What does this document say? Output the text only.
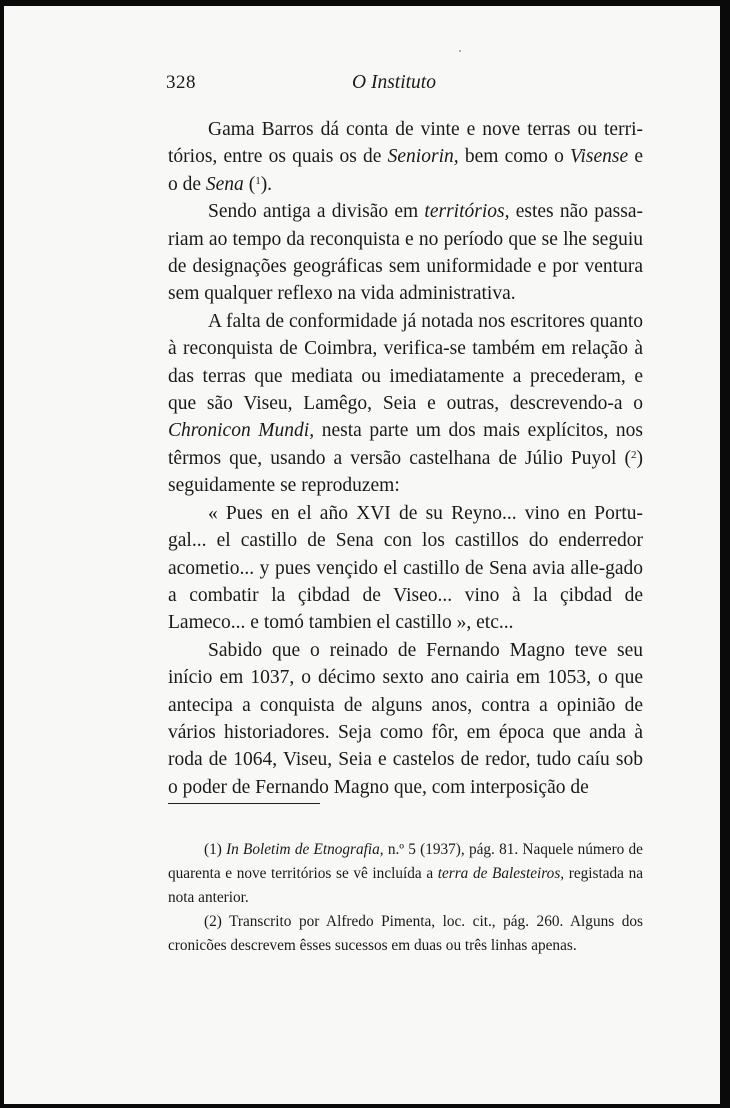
328	O Instituto

Gama Barros dá conta de vinte e nove terras ou terri-tórios, entre os quais os de Seniorin, bem como o Visense e o de Sena ($^1$).

Sendo antiga a divisão em territórios, estes não passa-riam ao tempo da reconquista e no período que se lhe seguiu de designações geográficas sem uniformidade e por ventura sem qualquer reflexo na vida administrativa.

A falta de conformidade já notada nos escritores quanto à reconquista de Coimbra, verifica-se também em relação à das terras que mediata ou imediatamente a precederam, e que são Viseu, Lamêgo, Seia e outras, descrevendo-a o Chronicon Mundi, nesta parte um dos mais explícitos, nos têrmos que, usando a versão castelhana de Júlio Puyol ($^2$) seguidamente se reproduzem:

« Pues en el año XVI de su Reyno... vino en Portu-gal... el castillo de Sena con los castillos do enderredor acometio... y pues vençido el castillo de Sena avia alle-gado a combatir la çibdad de Viseo... vino à la çibdad de Lameco... e tomó tambien el castillo », etc...

Sabido que o reinado de Fernando Magno teve seu início em 1037, o décimo sexto ano cairia em 1053, o que antecipa a conquista de alguns anos, contra a opinião de vários historiadores. Seja como fôr, em época que anda à roda de 1064, Viseu, Seia e castelos de redor, tudo caíu sob o poder de Fernando Magno que, com interposição de

(1) In Boletim de Etnografia, n.º 5 (1937), pág. 81. Naquele número de quarenta e nove territórios se vê incluída a terra de Balesteiros, registada na nota anterior.

(2) Transcrito por Alfredo Pimenta, loc. cit., pág. 260. Alguns dos cronicões descrevem êsses sucessos em duas ou três linhas apenas.
